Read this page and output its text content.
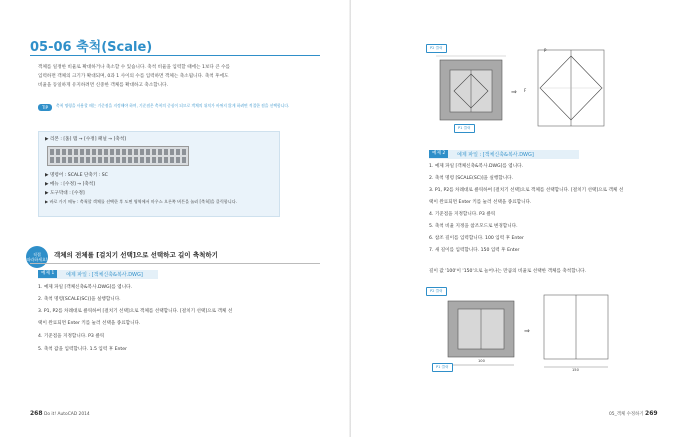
05-06 축척(Scale)
객체를 일정한 비율로 확대하거나 축소할 수 있습니다. 축척 비율을 입력할 때에는 1보다 큰 수를
입력하면 객체의 크기가 확대되며, 0과 1 사이의 수를 입력하면 객체는 축소됩니다. 축척 후에도
비율을 동일하게 유지하려면 신중한 객체를 확대하고 축소합니다.
TIP	축척 명령을 사용할 때는 기준점을 지정해야 하며, 기준점은 축척의 중심이 되므로 객체의 위치가 바뀌지 않게 하려면 적절한 점을 선택합니다.
▶ 리본 : [홈] 탭 → [수정] 패널 → [축척]
▶ 명령어 : SCALE 단축키 : SC
▶ 메뉴 : [수정] → [축척]
▶ 도구막대 : [수정]
▶ 바로 가기 메뉴 : 축척할 객체를 선택한 후 도면 영역에서 마우스 오른쪽 버튼을 눌러 [축척]을 클릭합니다.
직접
따라하세요!
객체의 전체를 [걸치기 선택]으로 선택하고 길이 축척하기
예제 1	예제 파일 : [객체신축&복사.DWG]
1. 예제 파일 [객체신축&복사.DWG]를 엽니다.
2. 축척 명령[SCALE(SC)]을 실행합니다.
3. P1, P2를 차례대로 클릭하여 [걸치기 선택]으로 객체를 선택합니다. [걸치기 선택]으로 객체 선
택이 완료되면 Enter 키를 눌러 선택을 종료합니다.
4. 기준점을 지정합니다. P3 클릭
5. 축척 값을 입력합니다. 1.5 입력 후 Enter
268 Do it! AutoCAD 2014
⇒
P2 클릭
P1 클릭
P
F
예제 2	예제 파일 : [객체신축&복사.DWG]
1. 예제 파일 [객체신축&복사.DWG]를 엽니다.
2. 축척 명령 [SCALE(SC)]을 실행합니다.
3. P1, P2를 차례대로 클릭하여 [걸치기 선택]으로 객체를 선택합니다. [걸치기 선택]으로 객체 선
택이 완료되면 Enter 키를 눌러 선택을 종료합니다.
4. 기준점을 지정합니다. P3 클릭
5. 축척 비율 지정을 참조모드로 변경합니다.
6. 참조 길이를 입력합니다. 100 입력 후 Enter
7. 새 길이를 입력합니다. 150 입력 후 Enter
길이 값 '100'이 '150'으로 늘어나는 만큼의 비율로 선택한 객체를 축척합니다.
⇒
P2 클릭
P1 클릭
100
150
05_객체 수정하기 269
